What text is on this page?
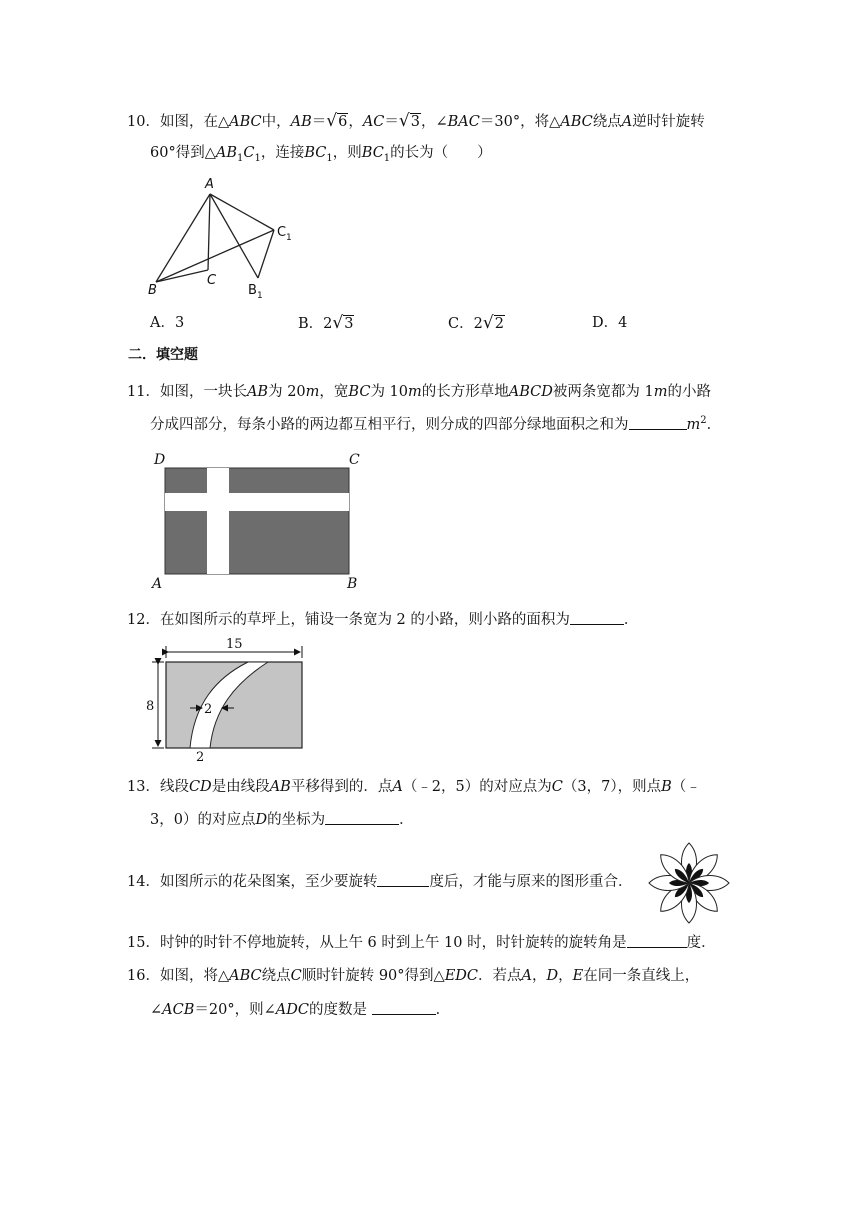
10．如图，在△ABC中，AB＝√6，AC＝√3，∠BAC＝30°，将△ABC绕点A逆时针旋转
60°得到$\triangle AB_1C_1$，连接$BC_1$，则$BC_1$的长为（　　）
A
B
C
B 1
C 1
A．3	B．2√3	C．2√2	D．4
二．填空题
11．如图，一块长AB为 20m，宽BC为 10m的长方形草地ABCD被两条宽都为 1m的小路
分成四部分，每条小路的两边都互相平行，则分成的四部分绿地面积之和为	$m^2$．
D	C
A	B
12．在如图所示的草坪上，铺设一条宽为 2 的小路，则小路的面积为	．
15
8	2
2
13．线段CD是由线段AB平移得到的．点A（﹣2，5）的对应点为C（3，7），则点B（﹣
3，0）的对应点D的坐标为	．
14．如图所示的花朵图案，至少要旋转	度后，才能与原来的图形重合．
15．时钟的时针不停地旋转，从上午 6 时到上午 10 时，时针旋转的旋转角是	度．
16．如图，将△ABC绕点C顺时针旋转 90°得到△EDC．若点A，D，E在同一条直线上，
∠ACB＝20°，则∠ADC的度数是	．
